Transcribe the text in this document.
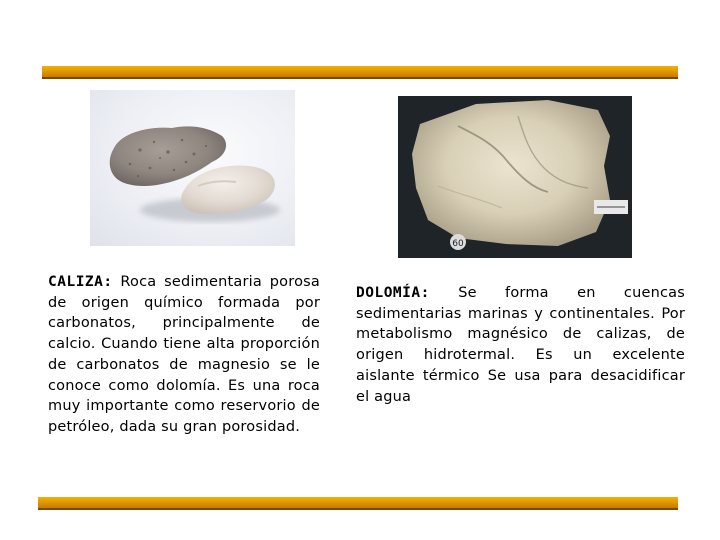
60
CALIZA: Roca sedimentaria porosa de origen químico formada por carbonatos, principalmente de calcio. Cuando tiene alta proporción de carbonatos de magnesio se le conoce como dolomía. Es una roca muy importante como reservorio de petróleo, dada su gran porosidad.
DOLOMÍA: Se forma en cuencas sedimentarias marinas y continentales. Por metabolismo magnésico de calizas, de origen hidrotermal. Es un excelente aislante térmico Se usa para desacidificar el agua
